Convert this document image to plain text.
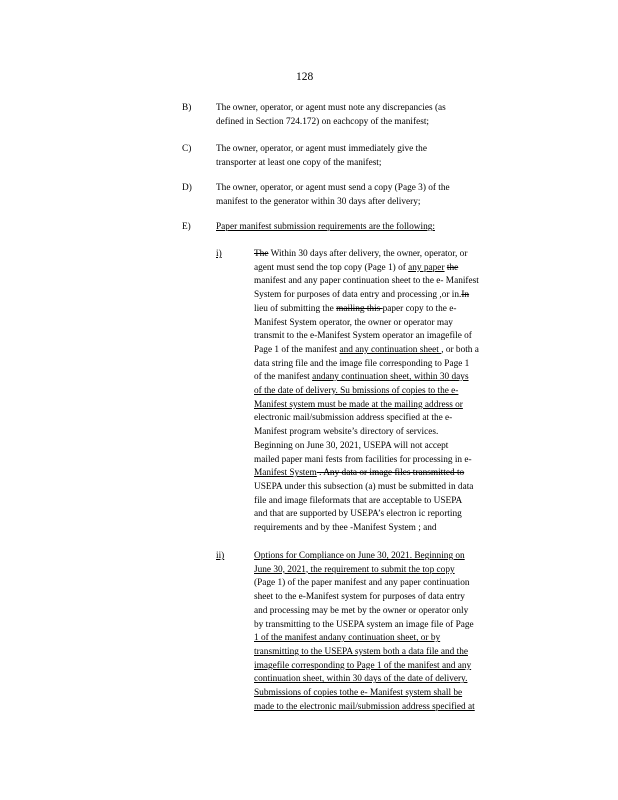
128
B)	The owner, operator, or agent must note any discrepancies (as
defined in Section 724.172) on eachcopy of the manifest;
C)	The owner, operator, or agent must immediately give the
transporter at least one copy of the manifest;
D)	The owner, operator, or agent must send a copy (Page 3) of the
manifest to the generator within 30 days after delivery;
E)	Paper manifest submission requirements are the following:
i)	The Within 30 days after delivery, the owner, operator, or
agent must send the top copy (Page 1) of any paper the
manifest and any paper continuation sheet to the e- Manifest
System for purposes of data entry and processing ,or in.In
lieu of submitting the mailing this paper copy to the e-
Manifest System operator, the owner or operator may
transmit to the e-Manifest System operator an imagefile of
Page 1 of the manifest and any continuation sheet , or both a
data string file and the image file corresponding to Page 1
of the manifest andany continuation sheet, within 30 days
of the date of delivery. Su bmissions of copies to the e-
Manifest system must be made at the mailing address or
electronic mail/submission address specified at the e-
Manifest program website’s directory of services.
Beginning on June 30, 2021, USEPA will not accept
mailed paper mani fests from facilities for processing in e-
Manifest System . Any data or image files transmitted to
USEPA under this subsection (a) must be submitted in data
file and image fileformats that are acceptable to USEPA
and that are supported by USEPA’s electron ic reporting
requirements and by thee -Manifest System ; and
ii)	Options for Compliance on June 30, 2021. Beginning on
June 30, 2021, the requirement to submit the top copy
(Page 1) of the paper manifest and any paper continuation
sheet to the e-Manifest system for purposes of data entry
and processing may be met by the owner or operator only
by transmitting to the USEPA system an image file of Page
1 of the manifest andany continuation sheet, or by
transmitting to the USEPA system both a data file and the
imagefile corresponding to Page 1 of the manifest and any
continuation sheet, within 30 days of the date of delivery.
Submissions of copies tothe e- Manifest system shall be
made to the electronic mail/submission address specified at
